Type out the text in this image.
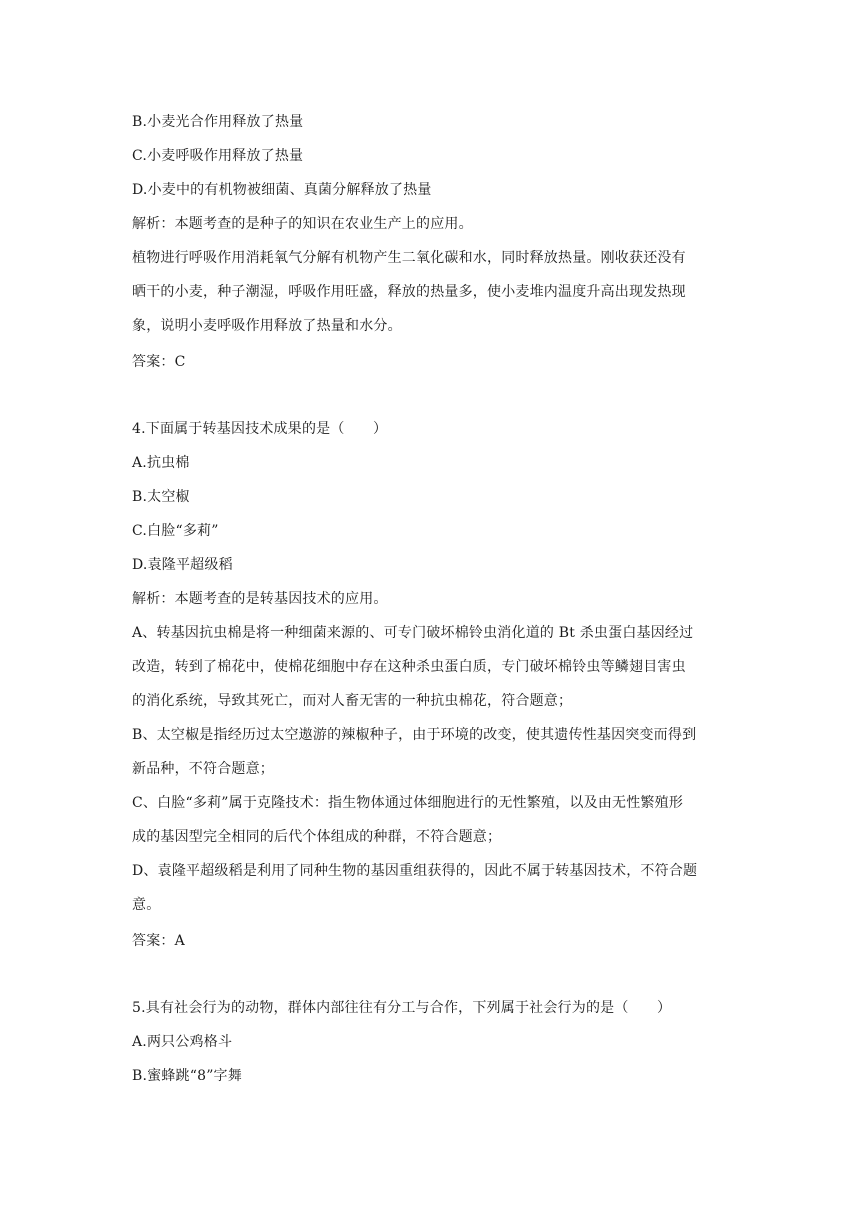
B.小麦光合作用释放了热量
C.小麦呼吸作用释放了热量
D.小麦中的有机物被细菌、真菌分解释放了热量
解析：本题考查的是种子的知识在农业生产上的应用。
植物进行呼吸作用消耗氧气分解有机物产生二氧化碳和水，同时释放热量。刚收获还没有
晒干的小麦，种子潮湿，呼吸作用旺盛，释放的热量多，使小麦堆内温度升高出现发热现
象，说明小麦呼吸作用释放了热量和水分。
答案：C
4.下面属于转基因技术成果的是（　　）
A.抗虫棉
B.太空椒
C.白脸“多莉”
D.袁隆平超级稻
解析：本题考查的是转基因技术的应用。
A、转基因抗虫棉是将一种细菌来源的、可专门破坏棉铃虫消化道的 Bt 杀虫蛋白基因经过
改造，转到了棉花中，使棉花细胞中存在这种杀虫蛋白质，专门破坏棉铃虫等鳞翅目害虫
的消化系统，导致其死亡，而对人畜无害的一种抗虫棉花，符合题意；
B、太空椒是指经历过太空遨游的辣椒种子，由于环境的改变，使其遗传性基因突变而得到
新品种，不符合题意；
C、白脸“多莉”属于克隆技术：指生物体通过体细胞进行的无性繁殖，以及由无性繁殖形
成的基因型完全相同的后代个体组成的种群，不符合题意；
D、袁隆平超级稻是利用了同种生物的基因重组获得的，因此不属于转基因技术，不符合题
意。
答案：A
5.具有社会行为的动物，群体内部往往有分工与合作，下列属于社会行为的是（　　）
A.两只公鸡格斗
B.蜜蜂跳“8”字舞
